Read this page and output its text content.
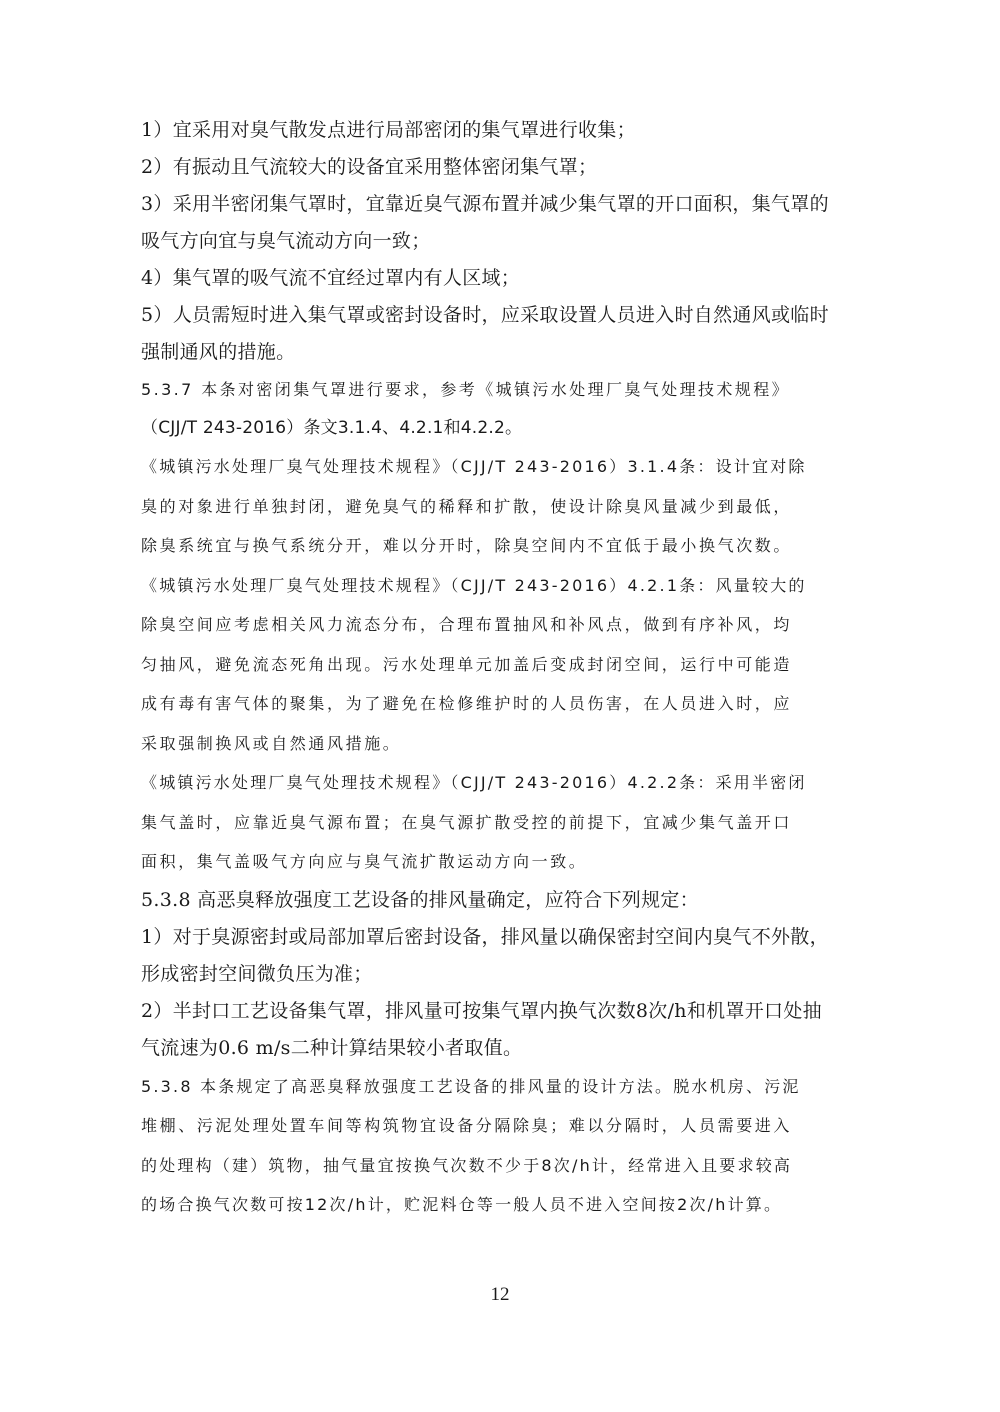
1）宜采用对臭气散发点进行局部密闭的集气罩进行收集；

2）有振动且气流较大的设备宜采用整体密闭集气罩；

3）采用半密闭集气罩时，宜靠近臭气源布置并减少集气罩的开口面积，集气罩的

吸气方向宜与臭气流动方向一致；

4）集气罩的吸气流不宜经过罩内有人区域；

5）人员需短时进入集气罩或密封设备时，应采取设置人员进入时自然通风或临时

强制通风的措施。

5.3.7 本条对密闭集气罩进行要求，参考《城镇污水处理厂臭气处理技术规程》

（CJJ/T 243-2016）条文3.1.4、4.2.1和4.2.2。

《城镇污水处理厂臭气处理技术规程》（CJJ/T 243-2016）3.1.4条：设计宜对除

臭的对象进行单独封闭，避免臭气的稀释和扩散，使设计除臭风量减少到最低，

除臭系统宜与换气系统分开，难以分开时，除臭空间内不宜低于最小换气次数。

《城镇污水处理厂臭气处理技术规程》（CJJ/T 243-2016）4.2.1条：风量较大的

除臭空间应考虑相关风力流态分布，合理布置抽风和补风点，做到有序补风，均

匀抽风，避免流态死角出现。污水处理单元加盖后变成封闭空间，运行中可能造

成有毒有害气体的聚集，为了避免在检修维护时的人员伤害，在人员进入时，应

采取强制换风或自然通风措施。

《城镇污水处理厂臭气处理技术规程》（CJJ/T 243-2016）4.2.2条：采用半密闭

集气盖时，应靠近臭气源布置；在臭气源扩散受控的前提下，宜减少集气盖开口

面积，集气盖吸气方向应与臭气流扩散运动方向一致。

5.3.8 高恶臭释放强度工艺设备的排风量确定，应符合下列规定：

1）对于臭源密封或局部加罩后密封设备，排风量以确保密封空间内臭气不外散，

形成密封空间微负压为准；

2）半封口工艺设备集气罩，排风量可按集气罩内换气次数8次/h和机罩开口处抽

气流速为0.6 m/s二种计算结果较小者取值。

5.3.8 本条规定了高恶臭释放强度工艺设备的排风量的设计方法。脱水机房、污泥

堆棚、污泥处理处置车间等构筑物宜设备分隔除臭；难以分隔时，人员需要进入

的处理构（建）筑物，抽气量宜按换气次数不少于8次/h计，经常进入且要求较高

的场合换气次数可按12次/h计，贮泥料仓等一般人员不进入空间按2次/h计算。

12
